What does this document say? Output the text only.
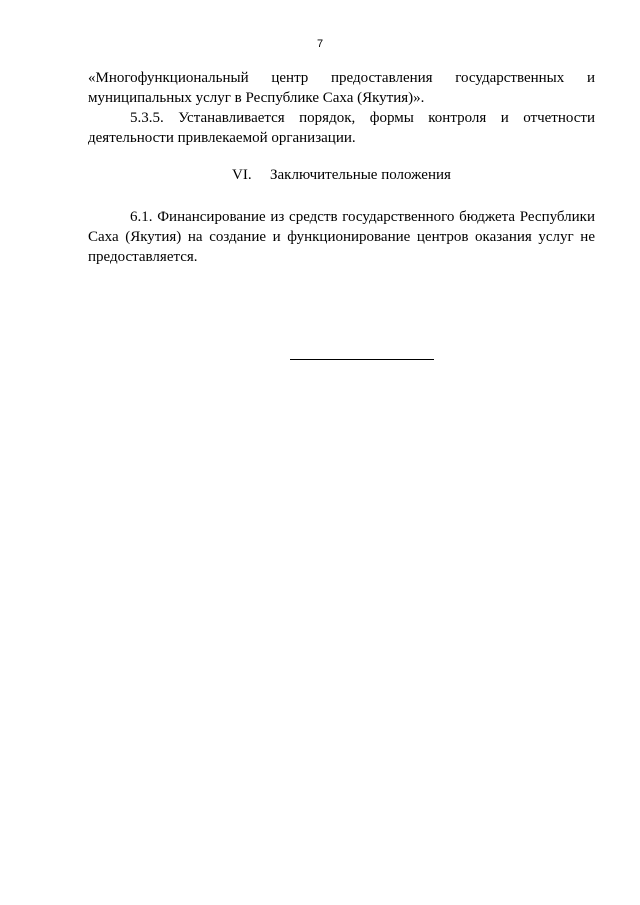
7
«Многофункциональный центр предоставления государственных и
муниципальных услуг в Республике Саха (Якутия)».
5.3.5. Устанавливается порядок, формы контроля и отчетности
деятельности привлекаемой организации.
VI. Заключительные положения
6.1. Финансирование из средств государственного бюджета Республики
Саха (Якутия) на создание и функционирование центров оказания услуг не
предоставляется.
